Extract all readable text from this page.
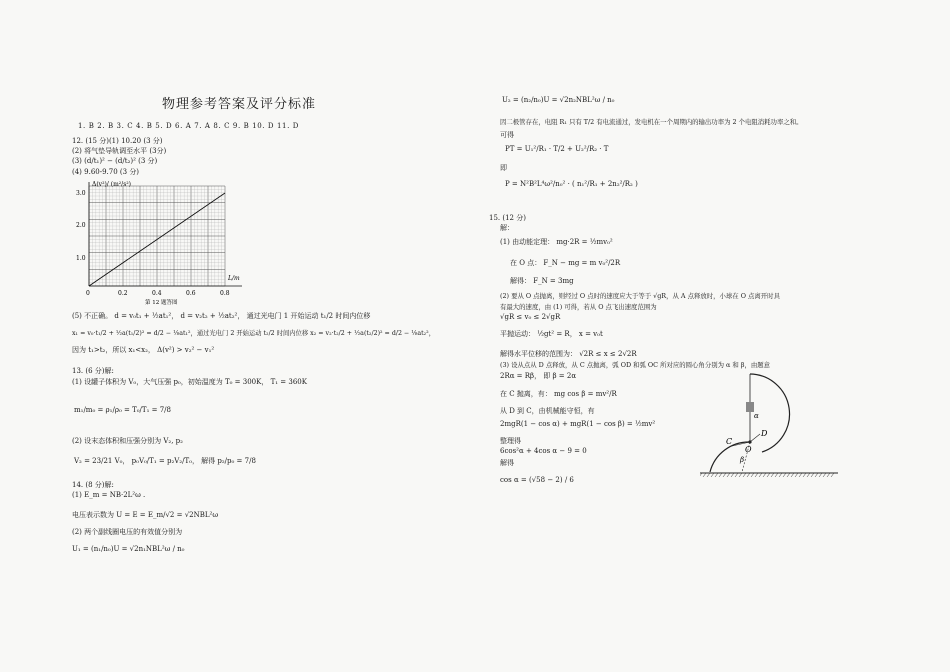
物理参考答案及评分标准
1. B 2. B 3. C 4. B 5. D 6. A 7. A 8. C 9. B 10. D 11. D
12. (15 分)(1) 10.20 (3 分)
(2) 将气垫导轨调至水平 (3分)
(3) (d/t₁)² − (d/t₂)² (3 分)
(4) 9.60-9.70 (3 分)
Δ(v²)/ (m²/s²)
L/m
1.0
2.0
3.0
0	0.2	0.4	0.6	0.8
第 12 题答图
(5) 不正确。 d = v₀t₁ + ½at₁²， d = v₂t₂ + ½at₂²， 通过光电门 1 开始运动 t₁/2 时间内位移
x₁ = v₀·t₁/2 + ½a(t₁/2)² = d/2 − ⅛at₁²，通过光电门 2 开始运动 t₂/2 时间内位移 x₂ = v₂·t₂/2 + ½a(t₂/2)² = d/2 − ⅛at₂²，
因为 t₁>t₂，所以 x₁<x₂， Δ(v²) > v₂² − v₁²
13. (6 分)解:
(1) 设罐子体积为 V₀，大气压强 p₀，初始温度为 T₀ = 300K， T₁ = 360K
m₁/m₀ = ρ₁/ρ₀ = T₀/T₁ = 7/8
(2) 设末态体积和压强分别为 V₂, p₂
V₂ = 23/21 V₀， p₀V₀/T₁ = p₂V₂/T₀， 解得 p₂/p₀ = 7/8
14. (8 分)解:
(1) E_m = NB·2L²ω .
电压表示数为 U = E = E_m/√2 = √2NBL²ω
(2) 两个副线圈电压的有效值分别为
U₁ = (n₁/n₀)U = √2n₁NBL²ω / n₀
U₂ = (n₂/n₀)U = √2n₂NBL²ω / n₀
因二极管存在，电阻 R₁ 只有 T/2 有电流通过，发电机在一个周期内的输出功率为 2 个电阻消耗功率之和。
可得
PT = U₁²/R₁ · T/2 + U₂²/R₂ · T
即
P = N²B²L⁴ω²/n₀² · ( n₁²/R₁ + 2n₂²/R₂ )
15. (12 分)
解：
(1) 由动能定理： mg·2R = ½mv₀²
在 O 点： F_N − mg = m v₀²/2R
解得： F_N = 3mg
(2) 要从 O 点抛离，则经过 O 点时的速度应大于等于 √gR，从 A 点释放时，小球在 O 点离开时具
有最大的速度，由 (1) 可得，若从 O 点飞出速度范围为
√gR ≤ v₀ ≤ 2√gR
平抛运动： ½gt² = R， x = v₀t
解得水平位移的范围为： √2R ≤ x ≤ 2√2R
(3) 设从点从 D 点释放，从 C 点抛离，弧 OD 和弧 OC 所对应的圆心角分别为 α 和 β，由题意
2Rα = Rβ， 即 β = 2α
在 C 抛离，有： mg cos β = mv²/R
从 D 到 C，由机械能守恒，有
2mgR(1 − cos α) + mgR(1 − cos β) = ½mv²
整理得
6cos²α + 4cos α − 9 = 0
解得
cos α = (√58 − 2) / 6
C
D
O
α
β
